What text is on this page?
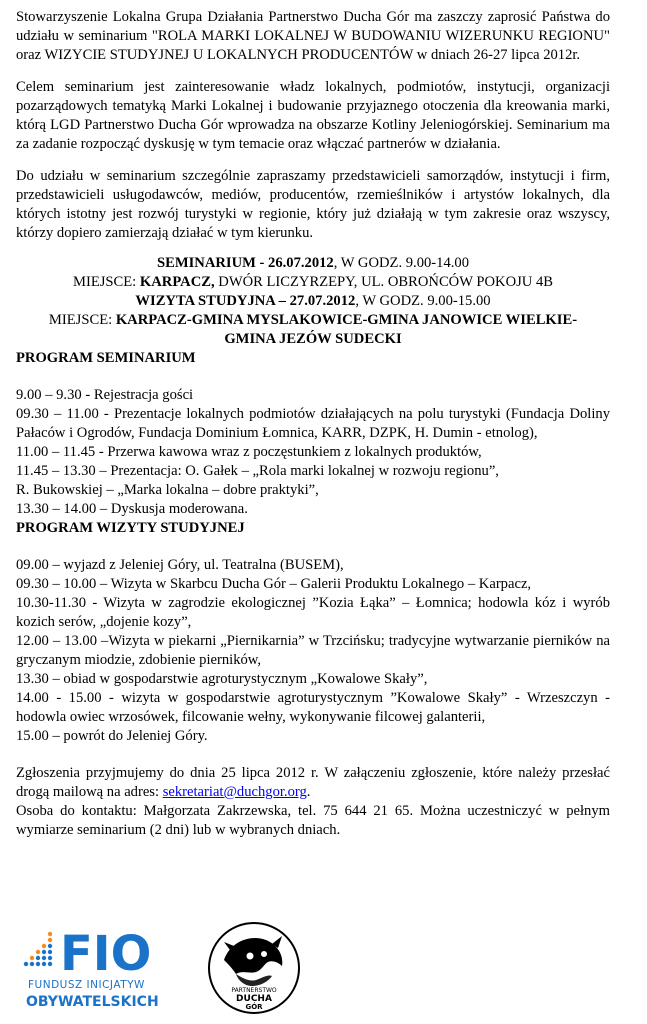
Stowarzyszenie Lokalna Grupa Działania Partnerstwo Ducha Gór ma zaszczy zaprosić Państwa do udziału w seminarium "ROLA MARKI LOKALNEJ W BUDOWANIU WIZERUNKU REGIONU" oraz WIZYCIE STUDYJNEJ U LOKALNYCH PRODUCENTÓW w dniach 26-27 lipca 2012r.

Celem seminarium jest zainteresowanie władz lokalnych, podmiotów, instytucji, organizacji pozarządowych tematyką Marki Lokalnej i budowanie przyjaznego otoczenia dla kreowania marki, którą LGD Partnerstwo Ducha Gór wprowadza na obszarze Kotliny Jeleniogórskiej. Seminarium ma za zadanie rozpocząć dyskusję w tym temacie oraz włączać partnerów w działania.

Do udziału w seminarium szczególnie zapraszamy przedstawicieli samorządów, instytucji i firm, przedstawicieli usługodawców, mediów, producentów, rzemieślników i artystów lokalnych, dla których istotny jest rozwój turystyki w regionie, który już działają w tym zakresie oraz wszyscy, którzy dopiero zamierzają działać w tym kierunku.

SEMINARIUM - 26.07.2012, W GODZ. 9.00-14.00
MIEJSCE: KARPACZ, DWÓR LICZYRZEPY, UL. OBROŃCÓW POKOJU 4B
WIZYTA STUDYJNA – 27.07.2012, W GODZ. 9.00-15.00
MIEJSCE: KARPACZ-GMINA MYSLAKOWICE-GMINA JANOWICE WIELKIE-
GMINA JEZÓW SUDECKI
PROGRAM SEMINARIUM

9.00 – 9.30 - Rejestracja gości

09.30 – 11.00 - Prezentacje lokalnych podmiotów działających na polu turystyki (Fundacja Doliny Pałaców i Ogrodów, Fundacja Dominium Łomnica, KARR, DZPK, H. Dumin - etnolog),

11.00 – 11.45 - Przerwa kawowa wraz z poczęstunkiem z lokalnych produktów,

11.45 – 13.30 – Prezentacja: O. Gałek – „Rola marki lokalnej w rozwoju regionu”,

R. Bukowskiej – „Marka lokalna – dobre praktyki”,

13.30 – 14.00 – Dyskusja moderowana.

PROGRAM WIZYTY STUDYJNEJ

09.00 – wyjazd z Jeleniej Góry, ul. Teatralna (BUSEM),

09.30 – 10.00 – Wizyta w Skarbcu Ducha Gór – Galerii Produktu Lokalnego – Karpacz,

10.30-11.30 - Wizyta w zagrodzie ekologicznej ”Kozia Łąka” – Łomnica; hodowla kóz i wyrób kozich serów, „dojenie kozy”,

12.00 – 13.00 –Wizyta w piekarni „Piernikarnia” w Trzcińsku; tradycyjne wytwarzanie pierników na gryczanym miodzie, zdobienie pierników,

13.30 – obiad w gospodarstwie agroturystycznym „Kowalowe Skały”,

14.00 - 15.00 - wizyta w gospodarstwie agroturystycznym ”Kowalowe Skały” - Wrzeszczyn - hodowla owiec wrzosówek, filcowanie wełny, wykonywanie filcowej galanterii,

15.00 – powrót do Jeleniej Góry.

Zgłoszenia przyjmujemy do dnia 25 lipca 2012 r. W załączeniu zgłoszenie, które należy przesłać drogą mailową na adres: sekretariat@duchgor.org.

Osoba do kontaktu: Małgorzata Zakrzewska, tel. 75 644 21 65. Można uczestniczyć w pełnym wymiarze seminarium (2 dni) lub w wybranych dniach.

FIO
FUNDUSZ INICJATYW
OBYWATELSKICH
PARTNERSTWO
DUCHA
GÓR
